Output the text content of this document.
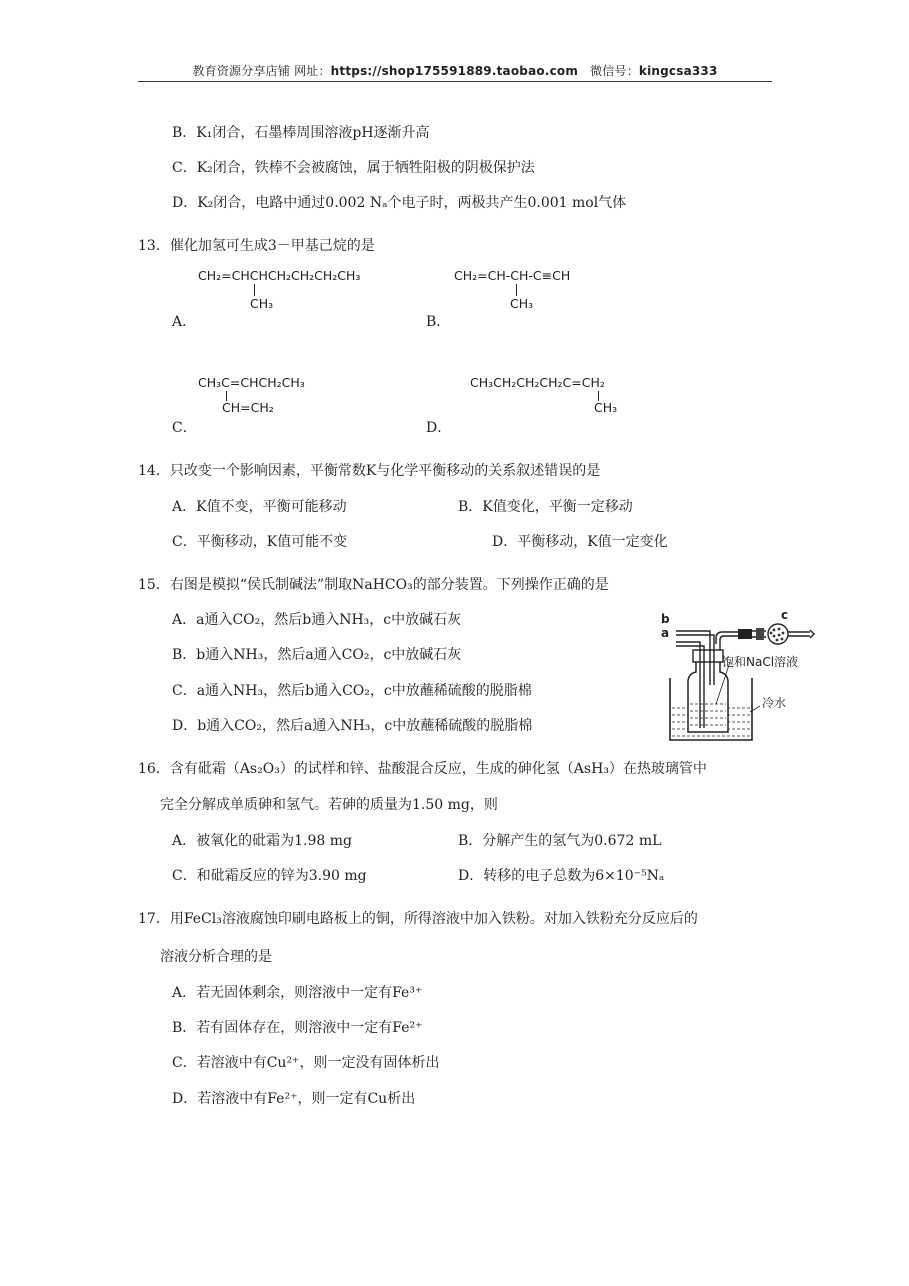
教育资源分享店铺 网址：https://shop175591889.taobao.com 微信号：kingcsa333
B．K₁闭合，石墨棒周围溶液pH逐渐升高
C．K₂闭合，铁棒不会被腐蚀，属于牺牲阳极的阴极保护法
D．K₂闭合，电路中通过0.002 Nₐ个电子时，两极共产生0.001 mol气体
13．催化加氢可生成3－甲基己烷的是
CH₂=CHCHCH₂CH₂CH₂CH₃
CH₃
A．
CH₂=CH-CH-C≡CH
CH₃
B．
CH₃C=CHCH₂CH₃
CH=CH₂
C．
CH₃CH₂CH₂CH₂C=CH₂
CH₃
D．
14．只改变一个影响因素，平衡常数K与化学平衡移动的关系叙述错误的是
A．K值不变，平衡可能移动	B．K值变化，平衡一定移动
C．平衡移动，K值可能不变	D．平衡移动，K值一定变化
15．右图是模拟“侯氏制碱法”制取NaHCO₃的部分装置。下列操作正确的是
A．a通入CO₂，然后b通入NH₃，c中放碱石灰
B．b通入NH₃，然后a通入CO₂，c中放碱石灰
C．a通入NH₃，然后b通入CO₂，c中放蘸稀硫酸的脱脂棉
D．b通入CO₂，然后a通入NH₃，c中放蘸稀硫酸的脱脂棉
b
a
c
饱和NaCl溶液
冷水
16．含有砒霜（As₂O₃）的试样和锌、盐酸混合反应，生成的砷化氢（AsH₃）在热玻璃管中
完全分解成单质砷和氢气。若砷的质量为1.50 mg，则
A．被氧化的砒霜为1.98 mg	B．分解产生的氢气为0.672 mL
C．和砒霜反应的锌为3.90 mg	D．转移的电子总数为6×10⁻⁵Nₐ
17．用FeCl₃溶液腐蚀印刷电路板上的铜，所得溶液中加入铁粉。对加入铁粉充分反应后的
溶液分析合理的是
A．若无固体剩余，则溶液中一定有Fe³⁺
B．若有固体存在，则溶液中一定有Fe²⁺
C．若溶液中有Cu²⁺，则一定没有固体析出
D．若溶液中有Fe²⁺，则一定有Cu析出
